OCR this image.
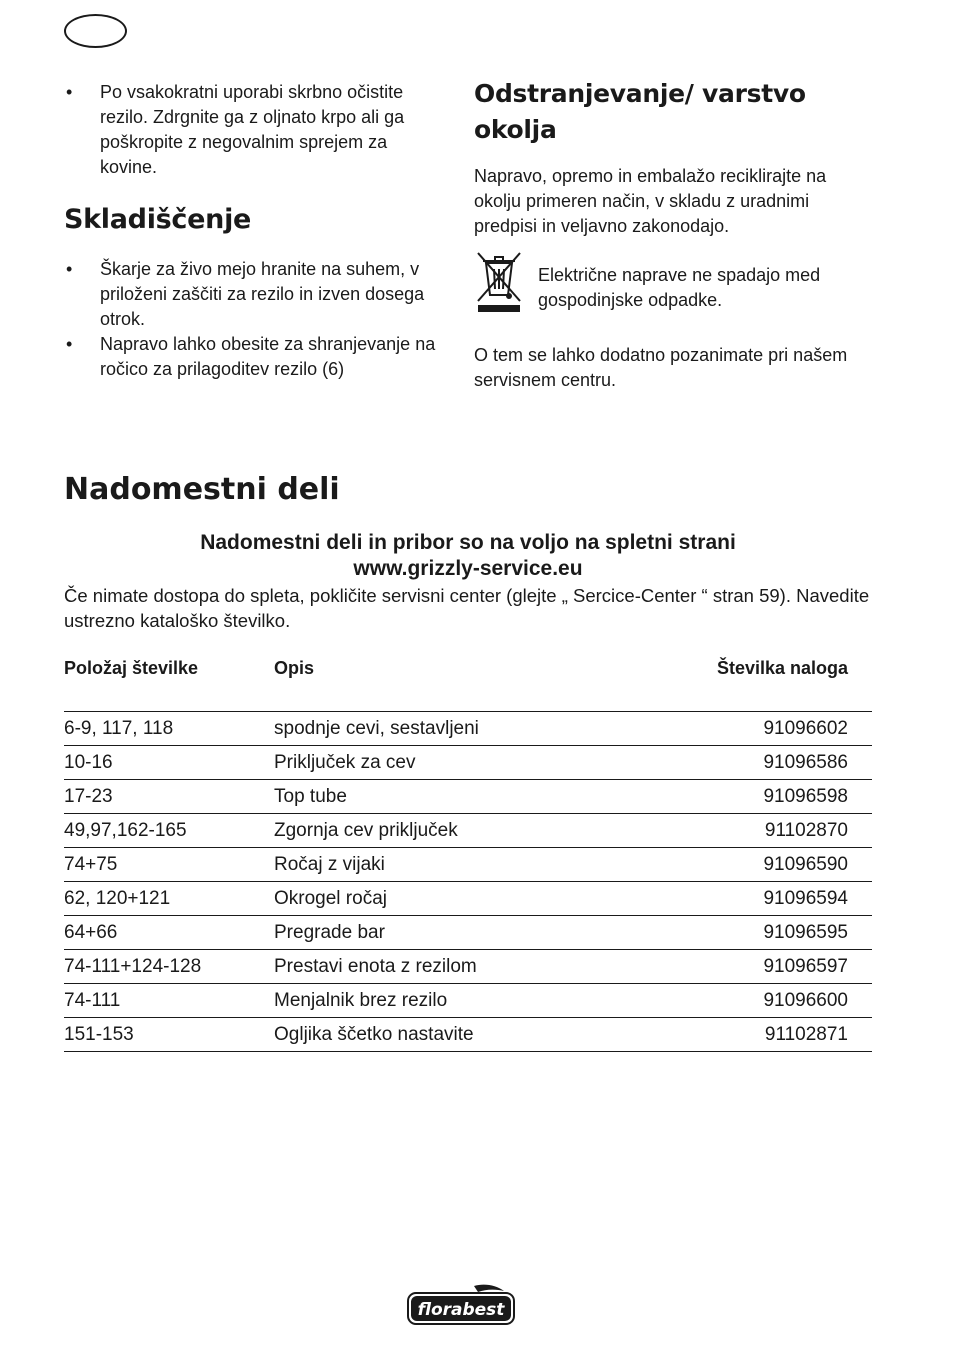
• Po vsakokratni uporabi skrbno očistite rezilo. Zdrgnite ga z oljnato krpo ali ga poškropite z negovalnim sprejem za kovine.
Skladiščenje
• Škarje za živo mejo hranite na suhem, v priloženi zaščiti za rezilo in izven dosega otrok.
• Napravo lahko obesite za shranjevanje na ročico za prilagoditev rezilo (6)
Odstranjevanje/ varstvo okolja

Napravo, opremo in embalažo reciklirajte na okolju primeren način, v skladu z uradnimi predpisi in veljavno zakonodajo.

Električne naprave ne spadajo med gospodinjske odpadke.

O tem se lahko dodatno pozanimate pri našem servisnem centru.

Nadomestni deli
Nadomestni deli in pribor so na voljo na spletni strani
www.grizzly-service.eu
Če nimate dostopa do spleta, pokličite servisni center (glejte „ Sercice-Center “ stran 59). Navedite ustrezno kataloško številko.
Položaj številke	Opis	Številka naloga
6-9, 117, 118	spodnje cevi, sestavljeni	91096602
10-16	Priključek za cev	91096586
17-23	Top tube	91096598
49,97,162-165	Zgornja cev priključek	91102870
74+75	Ročaj z vijaki	91096590
62, 120+121	Okrogel ročaj	91096594
64+66	Pregrade bar	91096595
74-111+124-128	Prestavi enota z rezilom	91096597
74-111	Menjalnik brez rezilo	91096600
151-153	Ogljika ščetko nastavite	91102871
florabest
